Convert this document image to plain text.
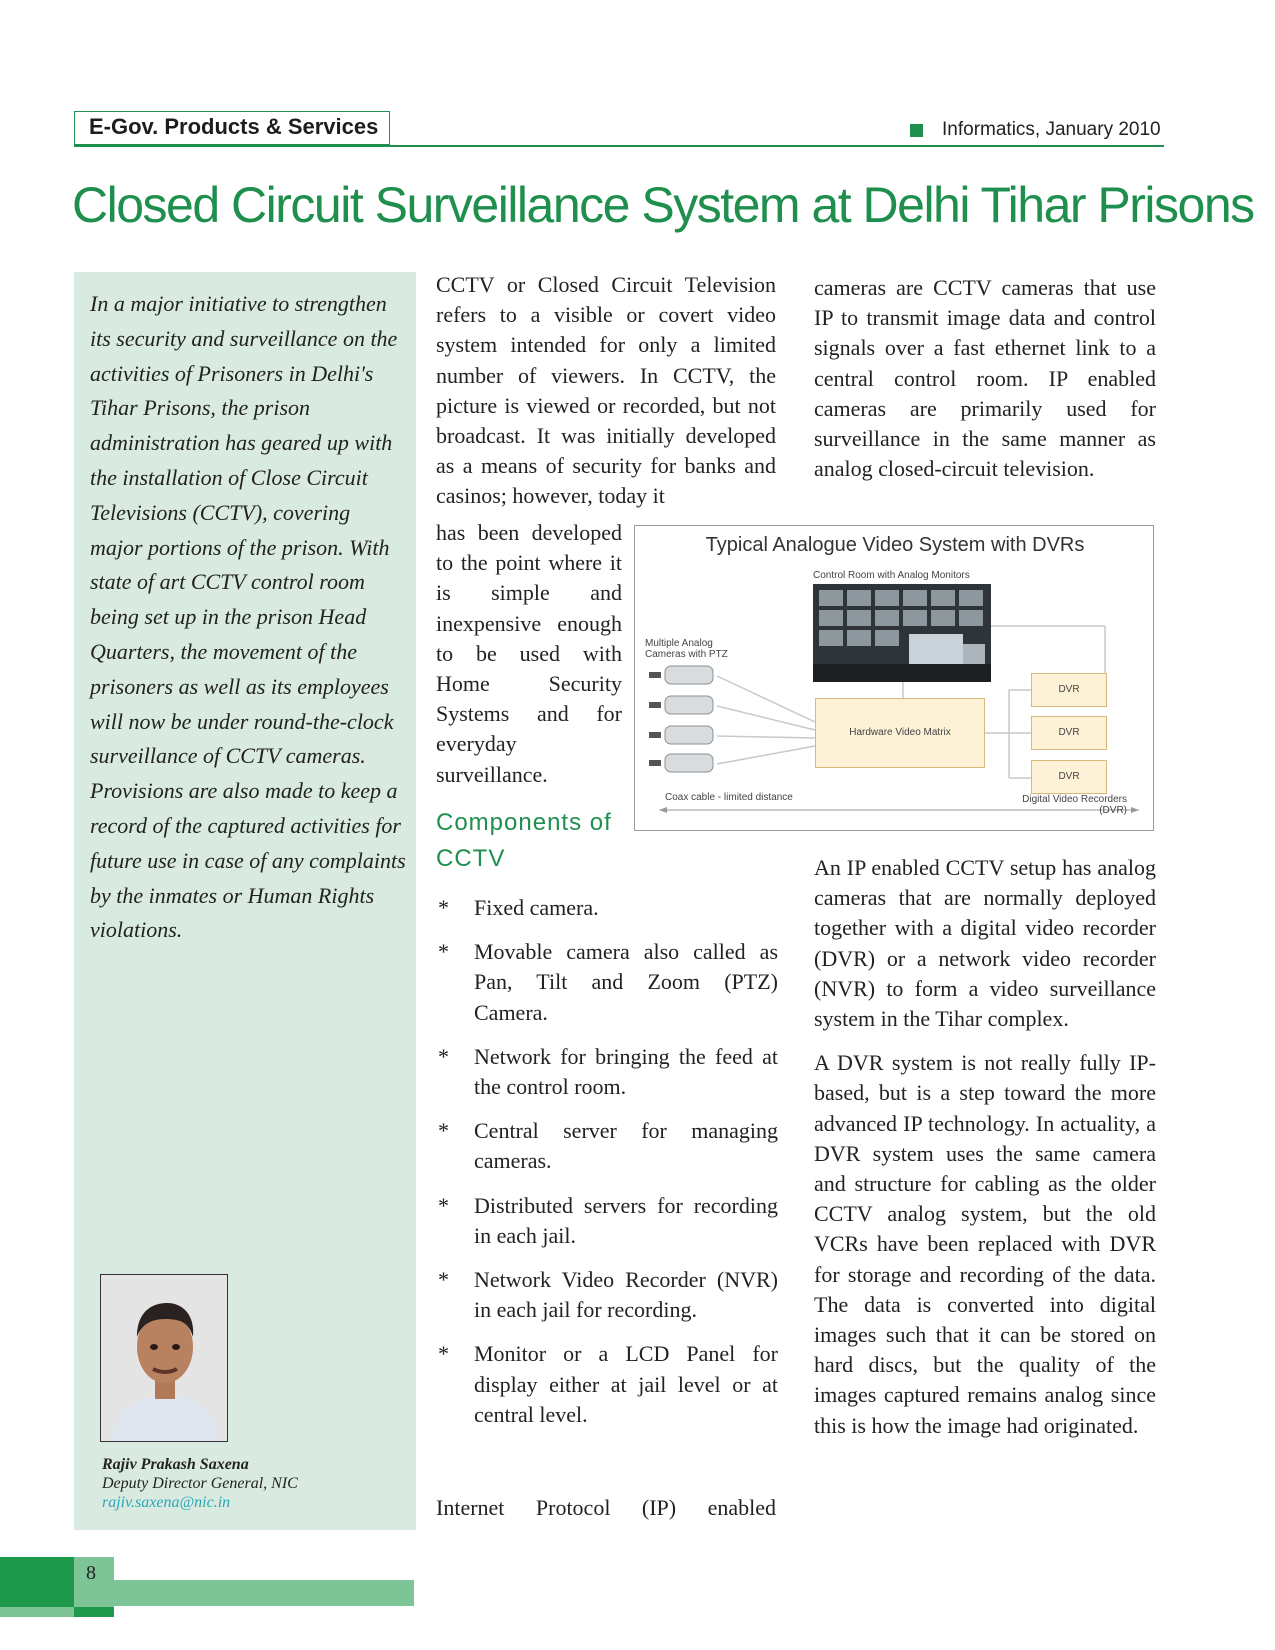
E-Gov. Products & Services	Informatics, January 2010
Closed Circuit Surveillance System at Delhi Tihar Prisons
In a major initiative to strengthen its security and surveillance on the activities of Prisoners in Delhi's Tihar Prisons, the prison administration has geared up with the installation of Close Circuit Televisions (CCTV), covering major portions of the prison. With state of art CCTV control room being set up in the prison Head Quarters, the movement of the prisoners as well as its employees will now be under round-the-clock surveillance of CCTV cameras. Provisions are also made to keep a record of the captured activities for future use in case of any complaints by the inmates or Human Rights violations.
Rajiv Prakash Saxena
Deputy Director General, NIC
rajiv.saxena@nic.in

CCTV or Closed Circuit Television refers to a visible or covert video system intended for only a limited number of viewers. In CCTV, the picture is viewed or recorded, but not broadcast. It was initially developed as a means of security for banks and casinos; however, today it

has been developed to the point where it is simple and inexpensive enough to be used with Home Security Systems and for everyday surveillance.

Components of CCTV
* Fixed camera.
* Movable camera also called as Pan, Tilt and Zoom (PTZ) Camera.
* Network for bringing the feed at the control room.
* Central server for managing cameras.
* Distributed servers for recording in each jail.
* Network Video Recorder (NVR) in each jail for recording.
* Monitor or a LCD Panel for display either at jail level or at central level.
Internet Protocol (IP) enabled

cameras are CCTV cameras that use IP to transmit image data and control signals over a fast ethernet link to a central control room. IP enabled cameras are primarily used for surveillance in the same manner as analog closed-circuit television.

An IP enabled CCTV setup has analog cameras that are normally deployed together with a digital video recorder (DVR) or a network video recorder (NVR) to form a video surveillance system in the Tihar complex.

A DVR system is not really fully IP-based, but is a step toward the more advanced IP technology. In actuality, a DVR system uses the same camera and structure for cabling as the older CCTV analog system, but the old VCRs have been replaced with DVR for storage and recording of the data. The data is converted into digital images such that it can be stored on hard discs, but the quality of the images captured remains analog since this is how the image had originated.

Typical Analogue Video System with DVRs
Control Room with Analog Monitors
Multiple Analog Cameras with PTZ
Hardware Video Matrix
DVR
DVR
DVR
Coax cable - limited distance	Digital Video Recorders (DVR)
8
